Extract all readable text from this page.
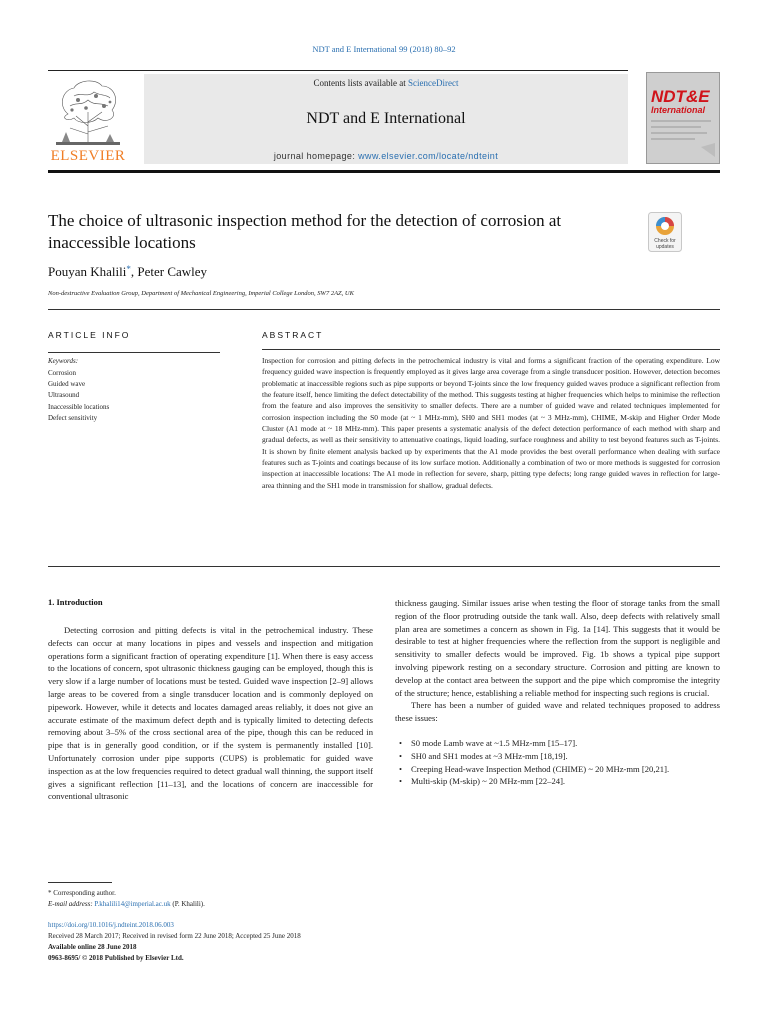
NDT and E International 99 (2018) 80–92
ELSEVIER
Contents lists available at ScienceDirect
NDT and E International
journal homepage: www.elsevier.com/locate/ndteint
NDT&E
International
The choice of ultrasonic inspection method for the detection of corrosion at inaccessible locations	Check for
updates
Pouyan Khalili*, Peter Cawley
Non-destructive Evaluation Group, Department of Mechanical Engineering, Imperial College London, SW7 2AZ, UK
ARTICLE INFO
Keywords:
Corrosion
Guided wave
Ultrasound
Inaccessible locations
Defect sensitivity
ABSTRACT
Inspection for corrosion and pitting defects in the petrochemical industry is vital and forms a significant fraction of the operating expenditure. Low frequency guided wave inspection is frequently employed as it gives large area coverage from a single transducer position. However, detection becomes problematic at inaccessible regions such as pipe supports or beyond T-joints since the low frequency guided waves produce a significant reflection from the feature itself, hence limiting the defect detectability of the method. This suggests testing at higher frequencies which helps to minimise the reflection from the feature and also improves the sensitivity to smaller defects. There are a number of guided wave and related techniques implemented for corrosion inspection including the S0 mode (at ~ 1 MHz-mm), SH0 and SH1 modes (at ~ 3 MHz-mm), CHIME, M-skip and Higher Order Mode Cluster (A1 mode at ~ 18 MHz-mm). This paper presents a systematic analysis of the defect detection performance of each method with sharp and gradual defects, as well as their sensitivity to attenuative coatings, liquid loading, surface roughness and ability to test beyond features such as T-joints. It is shown by finite element analysis backed up by experiments that the A1 mode provides the best overall performance when dealing with surface features such as T-joints and coatings because of its low surface motion. Additionally a combination of two or more methods is suggested for corrosion inspection at inaccessible locations: The A1 mode in reflection for severe, sharp, pitting type defects; long range guided waves in reflection for large-area thinning and the SH1 mode in transmission for shallow, gradual defects.
1. Introduction

Detecting corrosion and pitting defects is vital in the petrochemical industry. These defects can occur at many locations in pipes and vessels and inspection and mitigation operations form a significant fraction of operating expenditure [1]. When there is easy access to the locations of concern, spot ultrasonic thickness gauging can be employed, though this is very slow if a large number of locations must be tested. Guided wave inspection [2–9] allows large areas to be covered from a single transducer location and is commonly deployed on pipework. However, while it detects and locates damaged areas reliably, it does not give an accurate estimate of the maximum defect depth and is typically limited to detecting defects removing about 3–5% of the cross sectional area of the pipe, though this can be reduced in pipe that is in generally good condition, or if the system is permanently installed [10]. Unfortunately corrosion under pipe supports (CUPS) is problematic for guided wave inspection as at the low frequencies required to detect gradual wall thinning, the support itself gives a significant reflection [11–13], and the locations of concern are inaccessible for conventional ultrasonic

thickness gauging. Similar issues arise when testing the floor of storage tanks from the small region of the floor protruding outside the tank wall. Also, deep defects with relatively small plan area are sometimes a concern as shown in Fig. 1a [14]. This suggests that it would be desirable to test at higher frequencies where the reflection from the support is negligible and sensitivity to smaller defects would be improved. Fig. 1b shows a typical pipe support involving pipework resting on a secondary structure. Corrosion and pitting are known to develop at the contact area between the support and the pipe which compromise the integrity of the structure; hence, establishing a reliable method for inspecting such regions is crucial.

There has been a number of guided wave and related techniques proposed to address these issues:

• S0 mode Lamb wave at ~1.5 MHz-mm [15–17].
• SH0 and SH1 modes at ~3 MHz-mm [18,19].
• Creeping Head-wave Inspection Method (CHIME) ~ 20 MHz-mm [20,21].
• Multi-skip (M-skip) ~ 20 MHz-mm [22–24].
* Corresponding author.
E-mail address: P.khalili14@imperial.ac.uk (P. Khalili).
https://doi.org/10.1016/j.ndteint.2018.06.003
Received 28 March 2017; Received in revised form 22 June 2018; Accepted 25 June 2018
Available online 28 June 2018
0963-8695/ © 2018 Published by Elsevier Ltd.
